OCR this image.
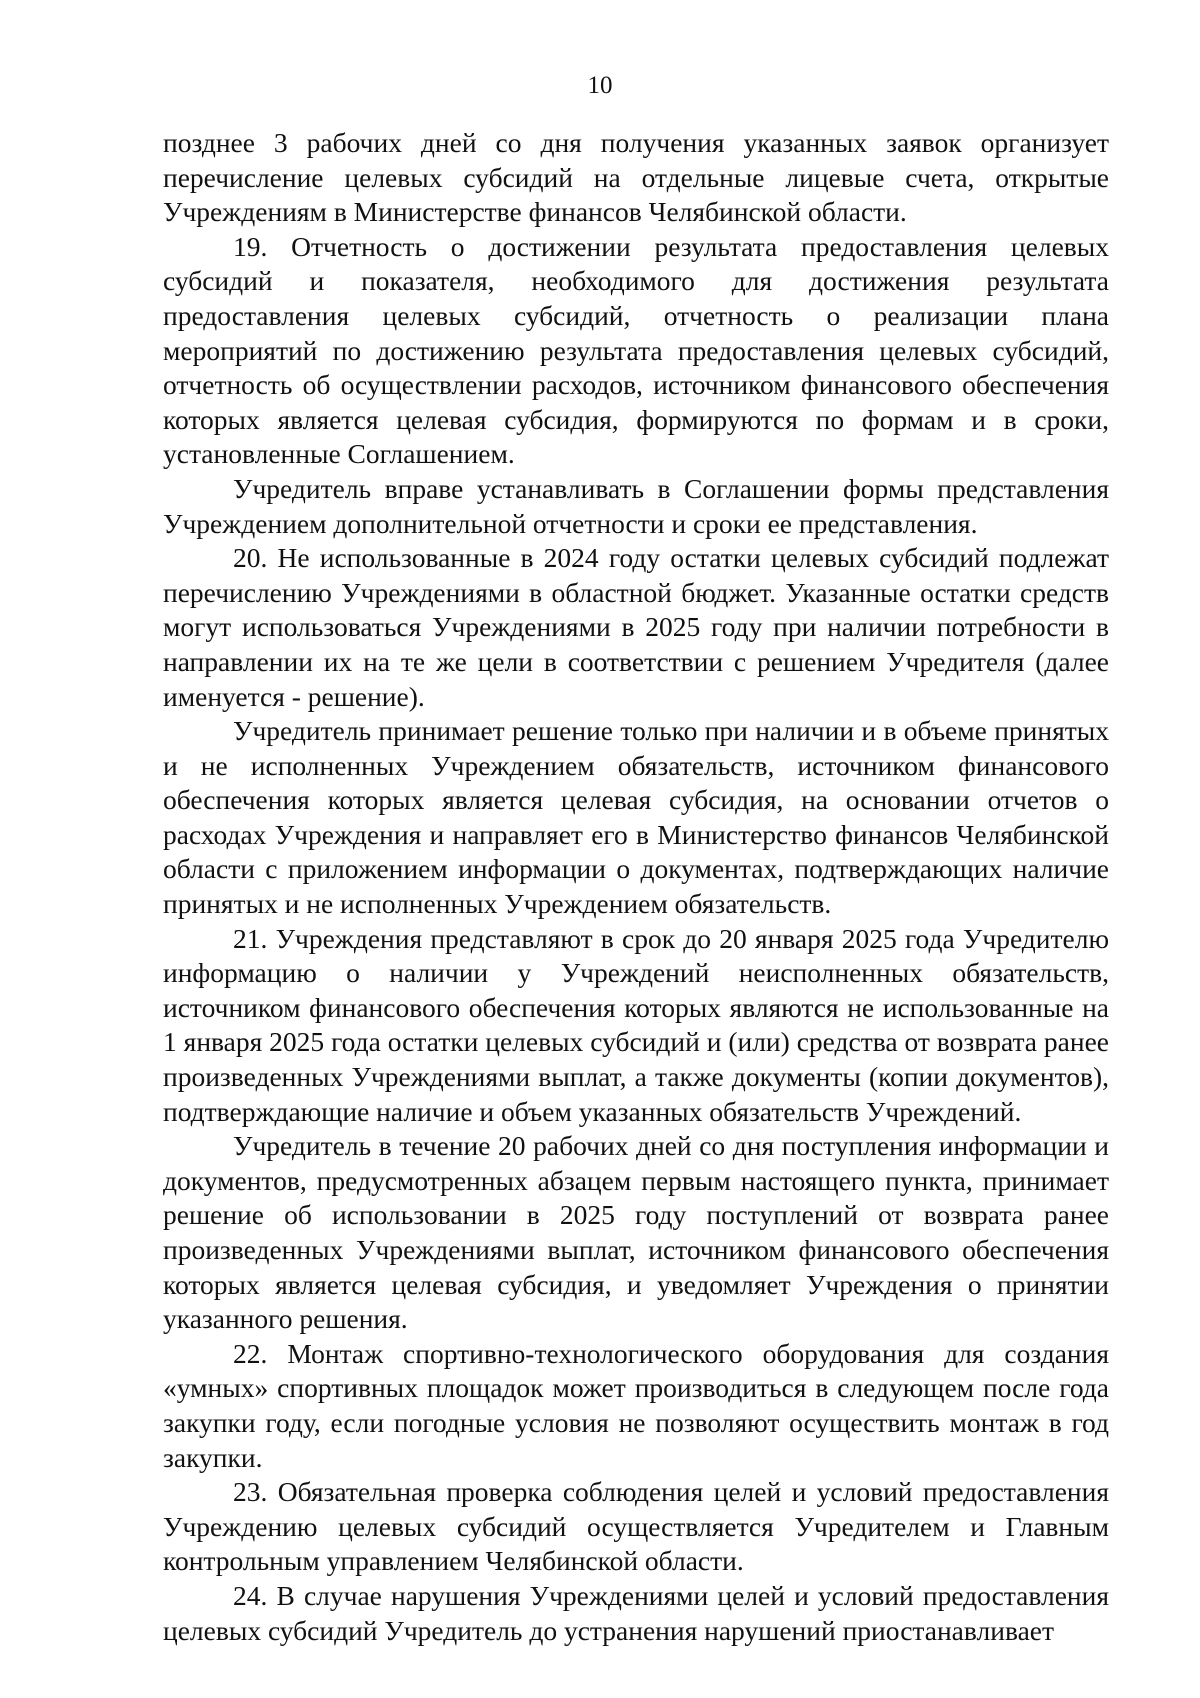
10

позднее 3 рабочих дней со дня получения указанных заявок организует перечисление целевых субсидий на отдельные лицевые счета, открытые Учреждениям в Министерстве финансов Челябинской области.

19. Отчетность о достижении результата предоставления целевых субсидий и показателя, необходимого для достижения результата предоставления целевых субсидий, отчетность о реализации плана мероприятий по достижению результата предоставления целевых субсидий, отчетность об осуществлении расходов, источником финансового обеспечения которых является целевая субсидия, формируются по формам и в сроки, установленные Соглашением.

Учредитель вправе устанавливать в Соглашении формы представления Учреждением дополнительной отчетности и сроки ее представления.

20. Не использованные в 2024 году остатки целевых субсидий подлежат перечислению Учреждениями в областной бюджет. Указанные остатки средств могут использоваться Учреждениями в 2025 году при наличии потребности в направлении их на те же цели в соответствии с решением Учредителя (далее именуется - решение).

Учредитель принимает решение только при наличии и в объеме принятых и не исполненных Учреждением обязательств, источником финансового обеспечения которых является целевая субсидия, на основании отчетов о расходах Учреждения и направляет его в Министерство финансов Челябинской области с приложением информации о документах, подтверждающих наличие принятых и не исполненных Учреждением обязательств.

21. Учреждения представляют в срок до 20 января 2025 года Учредителю информацию о наличии у Учреждений неисполненных обязательств, источником финансового обеспечения которых являются не использованные на 1 января 2025 года остатки целевых субсидий и (или) средства от возврата ранее произведенных Учреждениями выплат, а также документы (копии документов), подтверждающие наличие и объем указанных обязательств Учреждений.

Учредитель в течение 20 рабочих дней со дня поступления информации и документов, предусмотренных абзацем первым настоящего пункта, принимает решение об использовании в 2025 году поступлений от возврата ранее произведенных Учреждениями выплат, источником финансового обеспечения которых является целевая субсидия, и уведомляет Учреждения о принятии указанного решения.

22. Монтаж спортивно-технологического оборудования для создания «умных» спортивных площадок может производиться в следующем после года закупки году, если погодные условия не позволяют осуществить монтаж в год закупки.

23. Обязательная проверка соблюдения целей и условий предоставления Учреждению целевых субсидий осуществляется Учредителем и Главным контрольным управлением Челябинской области.

24. В случае нарушения Учреждениями целей и условий предоставления целевых субсидий Учредитель до устранения нарушений приостанавливает
